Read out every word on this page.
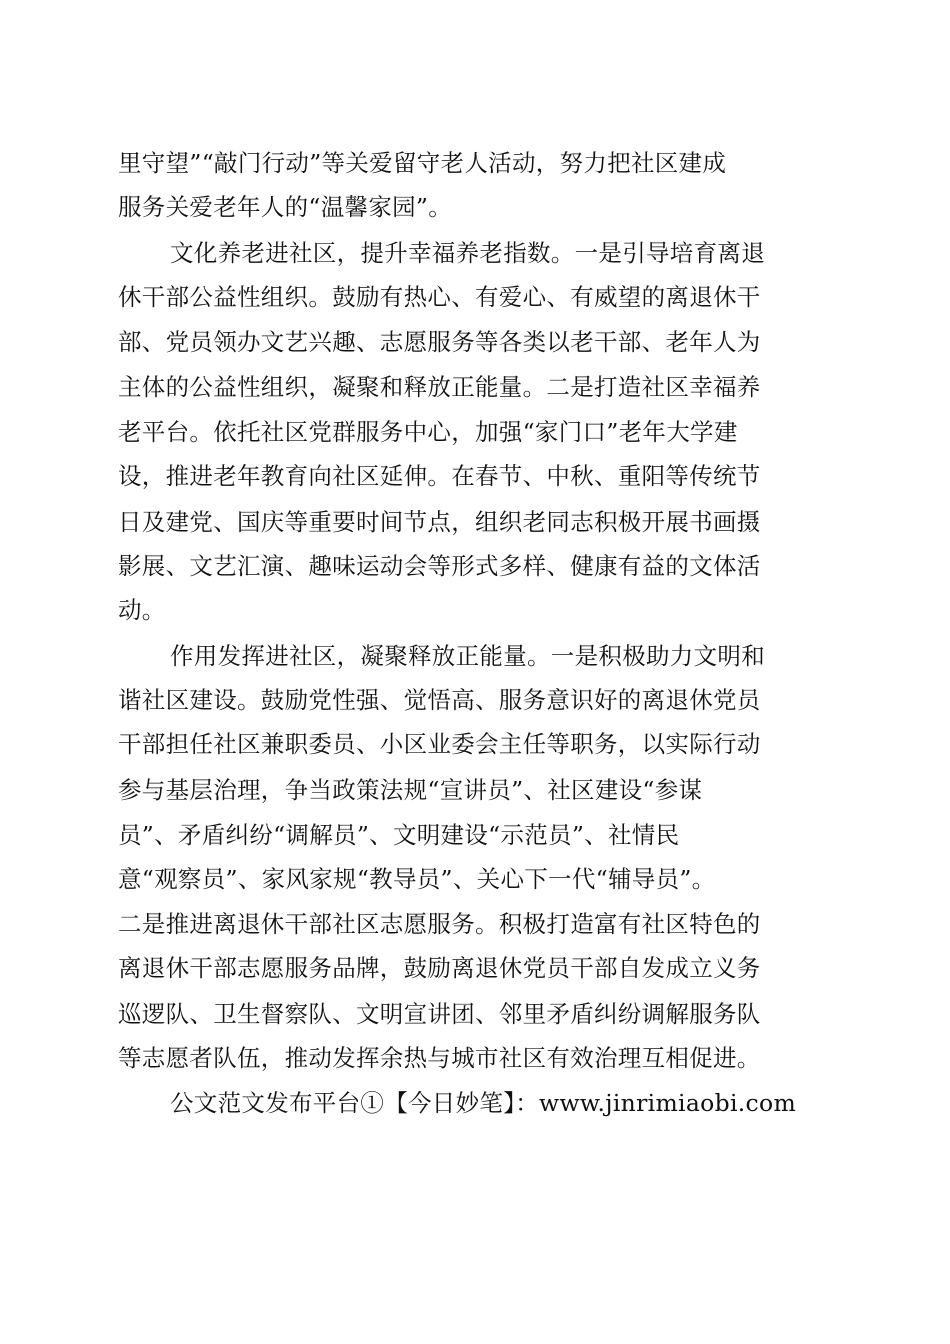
里守望”“敲门行动”等关爱留守老人活动，努力把社区建成
服务关爱老年人的“温馨家园”。
文化养老进社区，提升幸福养老指数。一是引导培育离退
休干部公益性组织。鼓励有热心、有爱心、有威望的离退休干
部、党员领办文艺兴趣、志愿服务等各类以老干部、老年人为
主体的公益性组织，凝聚和释放正能量。二是打造社区幸福养
老平台。依托社区党群服务中心，加强“家门口”老年大学建
设，推进老年教育向社区延伸。在春节、中秋、重阳等传统节
日及建党、国庆等重要时间节点，组织老同志积极开展书画摄
影展、文艺汇演、趣味运动会等形式多样、健康有益的文体活
动。
作用发挥进社区，凝聚释放正能量。一是积极助力文明和
谐社区建设。鼓励党性强、觉悟高、服务意识好的离退休党员
干部担任社区兼职委员、小区业委会主任等职务，以实际行动
参与基层治理，争当政策法规“宣讲员”、社区建设“参谋
员”、矛盾纠纷“调解员”、文明建设“示范员”、社情民
意“观察员”、家风家规“教导员”、关心下一代“辅导员”。
二是推进离退休干部社区志愿服务。积极打造富有社区特色的
离退休干部志愿服务品牌，鼓励离退休党员干部自发成立义务
巡逻队、卫生督察队、文明宣讲团、邻里矛盾纠纷调解服务队
等志愿者队伍，推动发挥余热与城市社区有效治理互相促进。
公文范文发布平台①【今日妙笔】：www.jinrimiaobi.com
